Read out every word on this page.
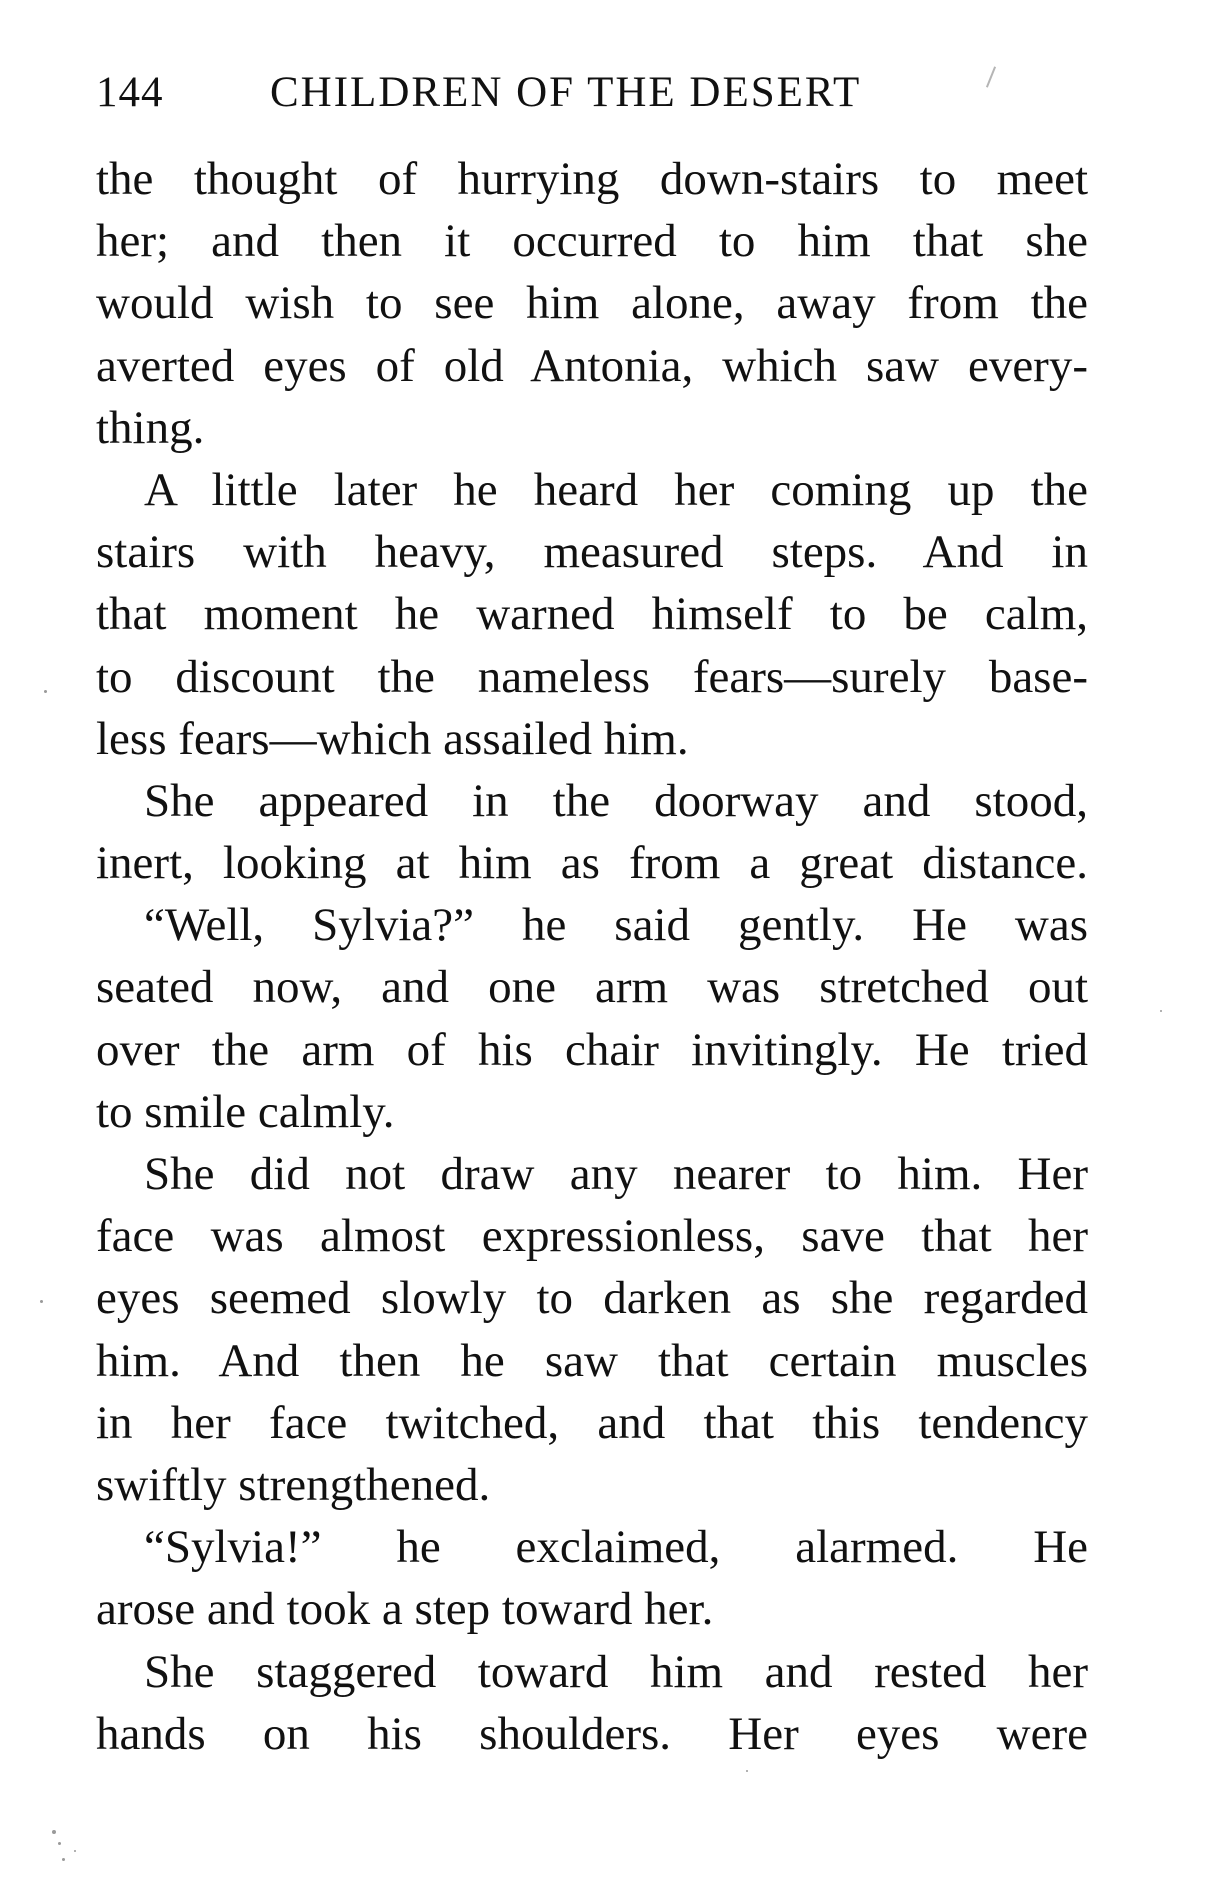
144 CHILDREN OF THE DESERT
the thought of hurrying down-stairs to meet
her; and then it occurred to him that she
would wish to see him alone, away from the
averted eyes of old Antonia, which saw every-
thing.
A little later he heard her coming up the
stairs with heavy, measured steps. And in
that moment he warned himself to be calm,
to discount the nameless fears—surely base-
less fears—which assailed him.
She appeared in the doorway and stood,
inert, looking at him as from a great distance.
“Well, Sylvia?” he said gently. He was
seated now, and one arm was stretched out
over the arm of his chair invitingly. He tried
to smile calmly.
She did not draw any nearer to him. Her
face was almost expressionless, save that her
eyes seemed slowly to darken as she regarded
him. And then he saw that certain muscles
in her face twitched, and that this tendency
swiftly strengthened.
“Sylvia!” he exclaimed, alarmed. He
arose and took a step toward her.
She staggered toward him and rested her
hands on his shoulders. Her eyes were
